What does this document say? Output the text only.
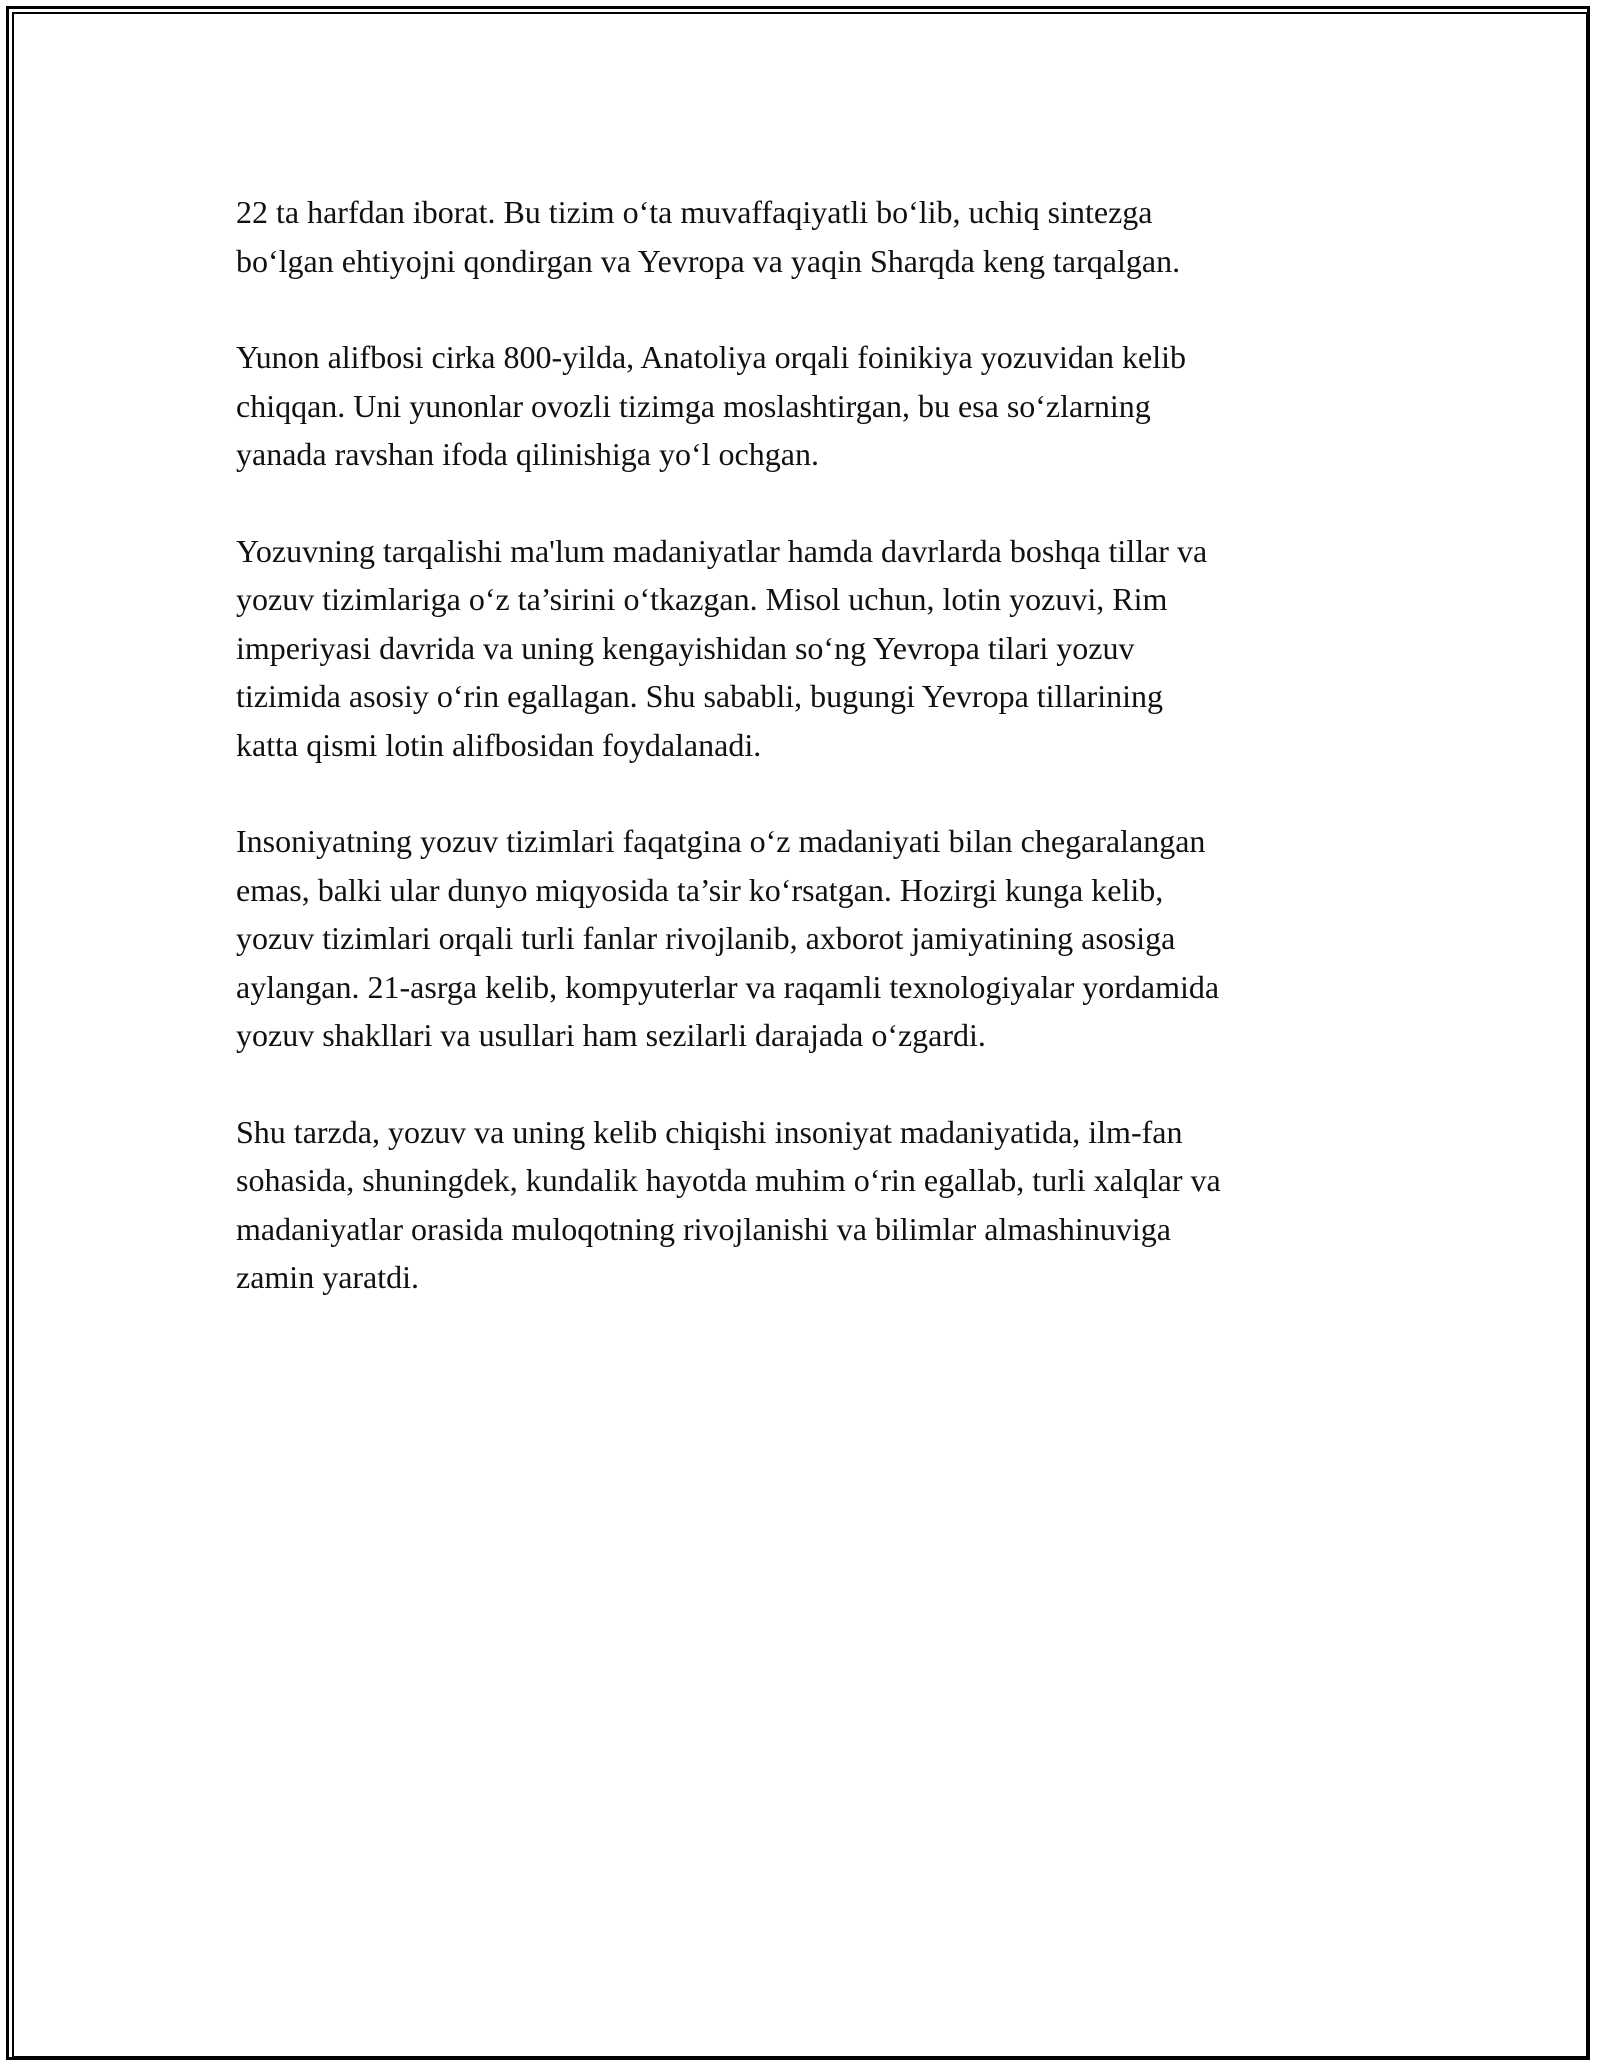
22 ta harfdan iborat. Bu tizim o‘ta muvaffaqiyatli bo‘lib, uchiq sintezga
bo‘lgan ehtiyojni qondirgan va Yevropa va yaqin Sharqda keng tarqalgan.

Yunon alifbosi cirka 800-yilda, Anatoliya orqali foinikiya yozuvidan kelib
chiqqan. Uni yunonlar ovozli tizimga moslashtirgan, bu esa so‘zlarning
yanada ravshan ifoda qilinishiga yo‘l ochgan.

Yozuvning tarqalishi ma'lum madaniyatlar hamda davrlarda boshqa tillar va
yozuv tizimlariga o‘z ta’sirini o‘tkazgan. Misol uchun, lotin yozuvi, Rim
imperiyasi davrida va uning kengayishidan so‘ng Yevropa tilari yozuv
tizimida asosiy o‘rin egallagan. Shu sababli, bugungi Yevropa tillarining
katta qismi lotin alifbosidan foydalanadi.

Insoniyatning yozuv tizimlari faqatgina o‘z madaniyati bilan chegaralangan
emas, balki ular dunyo miqyosida ta’sir ko‘rsatgan. Hozirgi kunga kelib,
yozuv tizimlari orqali turli fanlar rivojlanib, axborot jamiyatining asosiga
aylangan. 21-asrga kelib, kompyuterlar va raqamli texnologiyalar yordamida
yozuv shakllari va usullari ham sezilarli darajada o‘zgardi.

Shu tarzda, yozuv va uning kelib chiqishi insoniyat madaniyatida, ilm-fan
sohasida, shuningdek, kundalik hayotda muhim o‘rin egallab, turli xalqlar va
madaniyatlar orasida muloqotning rivojlanishi va bilimlar almashinuviga
zamin yaratdi.
